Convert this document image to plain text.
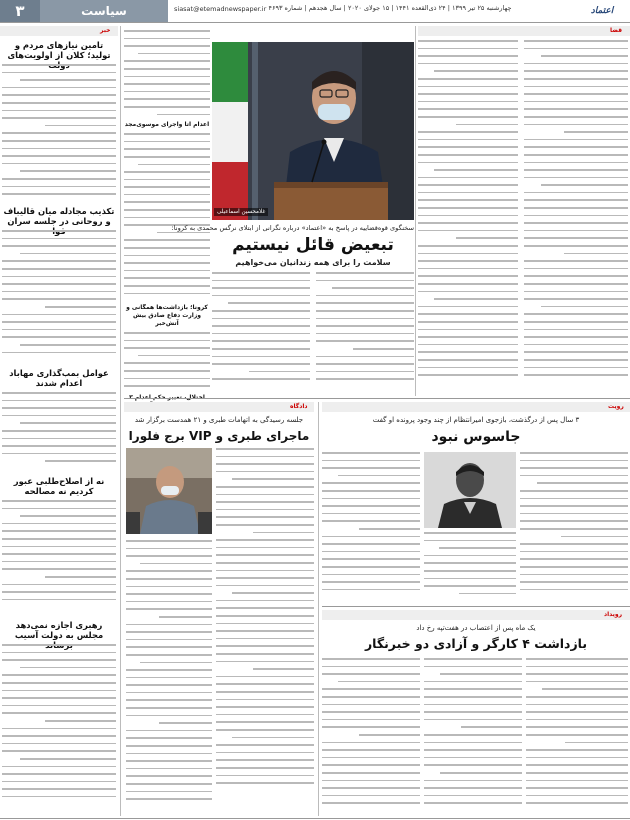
۳	سیاست	siasat@etemadnewspaper.ir چهارشنبه ۲۵ تیر ۱۳۹۹ | ۲۴ ذی‌القعده ۱۴۴۱ | ۱۵ جولای ۲۰۲۰ | سال هجدهم | شماره ۴۶۹۳	اعتماد
خبر
تامین نیازهای مردم و تولید؛ کلان از اولویت‌های
تکذیب مجادله میان قالیباف و روحانی در جلسه سران
عوامل بمب‌گذاری مهاباد اعدام شدند
نه از اصلاح‌طلبی عبور کردیم نه مصالحه
رهبری اجازه‌ نمی‌دهد مجلس به دولت آسیب
اعدام اتا واجرای موسوی‌مجد
غلامحسین اسماعیلی
سخنگوی قوه‌قضاییه در پاسخ به «اعتماد» درباره نگرانی از ابتلای نرگس محمدی به کرونا:
تبعیض قائل نیستیم
سلامت را برای همه زندانیان می‌خواهیم
کرونا؛ بازداشت‌ها همگانی و وزارت دفاع صادق بیش‌ آتش‌خبر
قضا
دادگاه
جلسه رسیدگی به اتهامات طبری و ۲۱ همدست برگزار شد
ماجرای طبری و VIP برج فلورا
رویت
۳ سال پس از درگذشت، بازجوی امیرانتظام از چند وجود پرونده او گفت
جاسوس نبود
رویداد
یک ماه پس از اعتصاب در هفت‌تپه رخ داد
بازداشت ۴ کارگر و آزادی دو خبرنگار
